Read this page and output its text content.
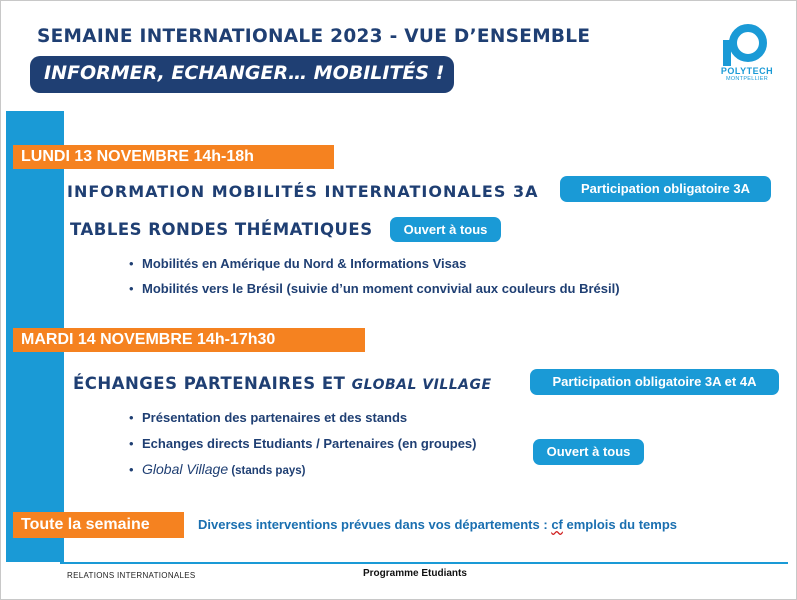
SEMAINE INTERNATIONALE 2023 - VUE D’ENSEMBLE
INFORMER, ECHANGER… MOBILITÉS !	POLYTECH
MONTPELLIER
LUNDI 13 NOVEMBRE 14h-18h
INFORMATION MOBILITÉS INTERNATIONALES 3A	Participation obligatoire 3A
TABLES RONDES THÉMATIQUES	Ouvert à tous
• Mobilités en Amérique du Nord & Informations Visas
• Mobilités vers le Brésil (suivie d’un moment convivial aux couleurs du Brésil)
MARDI 14 NOVEMBRE 14h-17h30
ÉCHANGES PARTENAIRES ET GLOBAL VILLAGE	Participation obligatoire 3A et 4A
• Présentation des partenaires et des stands
• Echanges directs Etudiants / Partenaires (en groupes)
• Global Village (stands pays)
Ouvert à tous
Toute la semaine	Diverses interventions prévues dans vos départements : cf emplois du temps
RELATIONS INTERNATIONALES	Programme Etudiants
